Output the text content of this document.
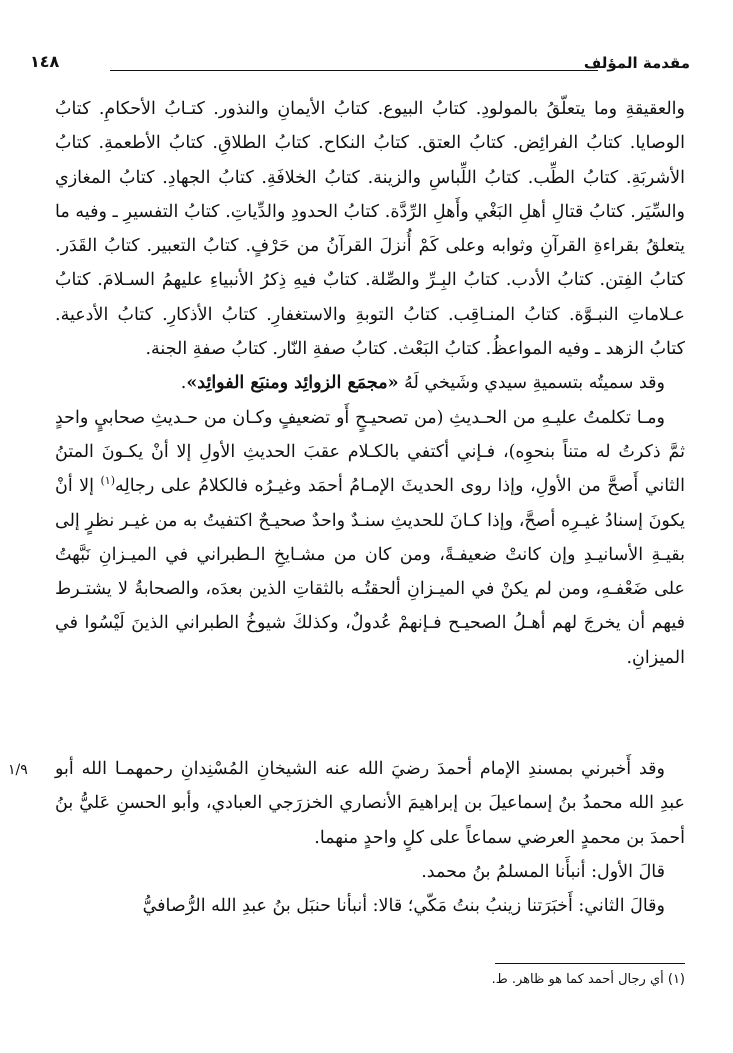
مقدمة المؤلف
١٤٨

والعقيقةِ وما يتعلّقُ بالمولودِ. كتابُ البيوع. كتابُ الأيمانِ والنذور. كتـابُ الأحكامِ. كتابُ الوصايا. كتابُ الفرائِض. كتابُ العتق. كتابُ النكاح. كتابُ الطلاقِ. كتابُ الأطعمةِ. كتابُ الأشربَةِ. كتابُ الطِّب. كتابُ اللِّباسِ والزينة. كتابُ الخلافَةِ. كتابُ الجهادِ. كتابُ المغازي والسِّيَر. كتابُ قتالِ أهلِ البَغْي وأَهلِ الرِّدَّة. كتابُ الحدودِ والدِّياتِ. كتابُ التفسيرِ ـ وفيه ما يتعلقُ بقراءةِ القرآنِ وثوابه وعلى كَمْ أُنزلَ القرآنُ من حَرْفٍ. كتابُ التعبير. كتابُ القَدَر. كتابُ الفِتن. كتابُ الأدب. كتابُ البِـرِّ والصِّلة. كتابٌ فيهِ ذِكرُ الأنبياءِ عليهمُ السـلامَ. كتابُ عـلاماتِ النبـوَّة. كتابُ المنـاقِب. كتابُ التوبةِ والاستغفارِ. كتابُ الأذكارِ. كتابُ الأدعية. كتابُ الزهد ـ وفيه المواعظُ. كتابُ البَعْث. كتابُ صفةِ النّار. كتابُ صفةِ الجنة.

وقد سميتُه بتسميةِ سيدي وشَيخي لَهُ «مجمَع الزوائِد ومنبَع الفوائِد».

ومـا تكلمتُ عليـهِ من الحـديثِ (من تصحيـحٍ أَو تضعيفٍ وكـان من حـديثِ صحابيٍ واحدٍ ثمَّ ذكرتُ له متناً بنحوِه)، فـإني أكتفي بالكـلام عقبَ الحديثِ الأولِ إلا أنْ يكـونَ المتنُ الثاني أَصحَّ من الأولِ، وإذا روى الحديثَ الإمـامُ أحمَد وغيـرُه فالكلامُ على رجالِه$^{(١)}$ إلا أنْ يكونَ إسنادُ غيـرِه أصحَّ، وإذا كـانَ للحديثِ سنـدٌ واحدٌ صحيـحٌ اكتفيتُ به من غيـر نظرٍ إلى بقيـةِ الأسانيـدِ وإن كانتْ ضعيفـةً، ومن كان من مشـايخِ الـطبراني في الميـزانِ نَبَّهتُ على ضَعْفـهِ، ومن لم يكنْ في الميـزانِ ألحقتُـه بالثقاتِ الذين بعدَه، والصحابةُ لا يشتـرط فيهم أن يخرجَ لهم أهـلُ الصحيـح فـإنهمْ عُدولٌ، وكذلكَ شيوخُ الطبراني الذينَ لَيْسُوا في الميزانِ.

١/٩ وقد أَخبرني بمسندِ الإمام أحمدَ رضيَ الله عنه الشيخانِ المُسْنِدانِ رحمهمـا الله أبو عبدِ الله محمدُ بنُ إسماعيلَ بن إبراهيمَ الأنصاري الخزرَجي العبادي، وأبو الحسنِ عَليُّ بنُ أحمدَ بن محمدٍ العرضي سماعاً على كلٍ واحدٍ منهما.

قالَ الأول: أنبأَنا المسلمُ بنُ محمد.

وقالَ الثاني: أَخبَرَتنا زينبُ بنتُ مَكّي؛ قالا: أنبأنا حنبَل بنُ عبدِ الله الرُّصافيُّ

(١) أي رجال أحمد كما هو ظاهر. ط.
